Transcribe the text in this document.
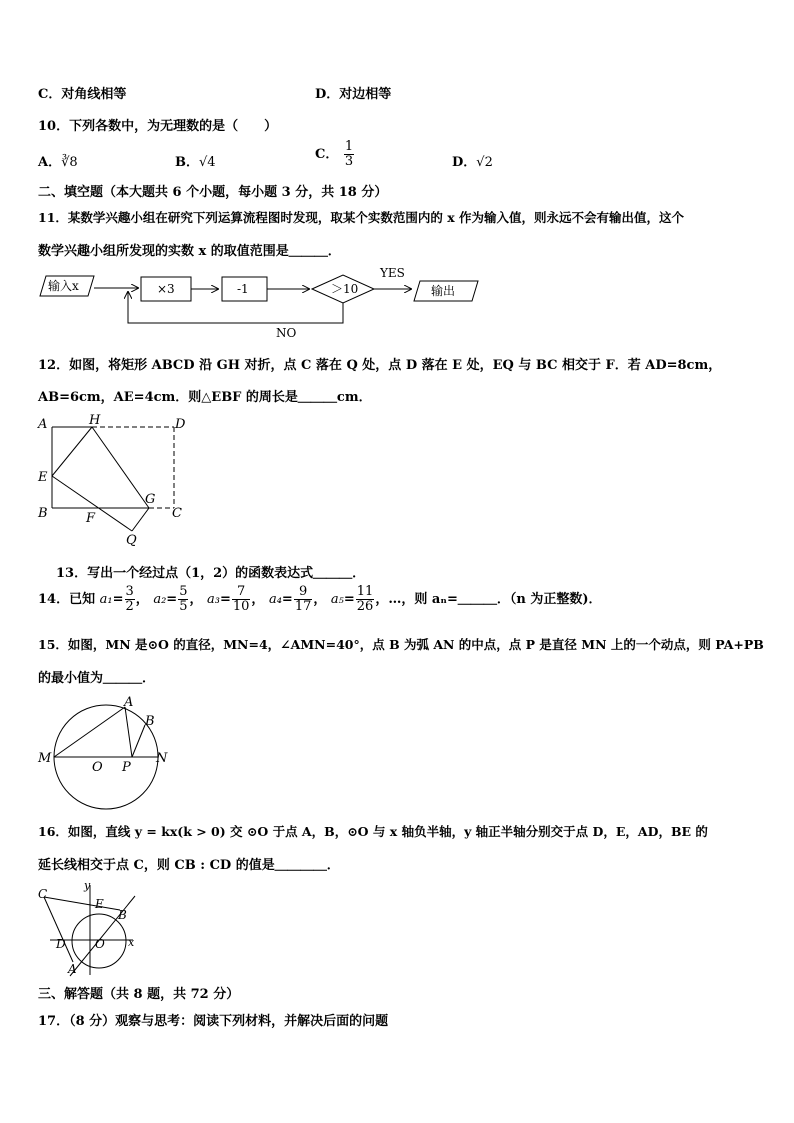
C．对角线相等	D．对边相等
10．下列各数中，为无理数的是（　　）
A．∛8	B．√4
C． $\frac{1}{3}$	D．√2
二、填空题（本大题共 6 个小题，每小题 3 分，共 18 分）
11．某数学兴趣小组在研究下列运算流程图时发现，取某个实数范围内的 x 作为输入值，则永远不会有输出值，这个
数学兴趣小组所发现的实数 x 的取值范围是＿＿＿．
输入x	×3	-1	＞10
YES
输出
NO
12．如图，将矩形 ABCD 沿 GH 对折，点 C 落在 Q 处，点 D 落在 E 处，EQ 与 BC 相交于 F．若 AD=8cm，
AB=6cm，AE=4cm．则△EBF 的周长是＿＿＿cm．
A	H	D
E
G
B	F	C
Q
13．写出一个经过点（1，2）的函数表达式＿＿＿．
14．已知 $a_1= \frac{3}{2}$ ， $a_2= \frac{5}{5}$ ， $a_3= \frac{7}{10}$ ， $a_4= \frac{9}{17}$ ， $a_5= \frac{11}{26}$ ，…，则 aₙ=＿＿＿．（n 为正整数)．
15．如图，MN 是⊙O 的直径，MN=4，∠AMN=40°，点 B 为弧 AN 的中点，点 P 是直径 MN 上的一个动点，则 PA+PB
的最小值为＿＿＿．
M
O P
N
A
B
16．如图，直线 y = kx(k > 0) 交 ⊙O 于点 A，B，⊙O 与 x 轴负半轴，y 轴正半轴分别交于点 D，E，AD，BE 的
延长线相交于点 C，则 CB : CD 的值是＿＿＿＿．
C
y
E
B
D O x
A
三、解答题（共 8 题，共 72 分）
17．（8 分）观察与思考：阅读下列材料，并解决后面的问题
